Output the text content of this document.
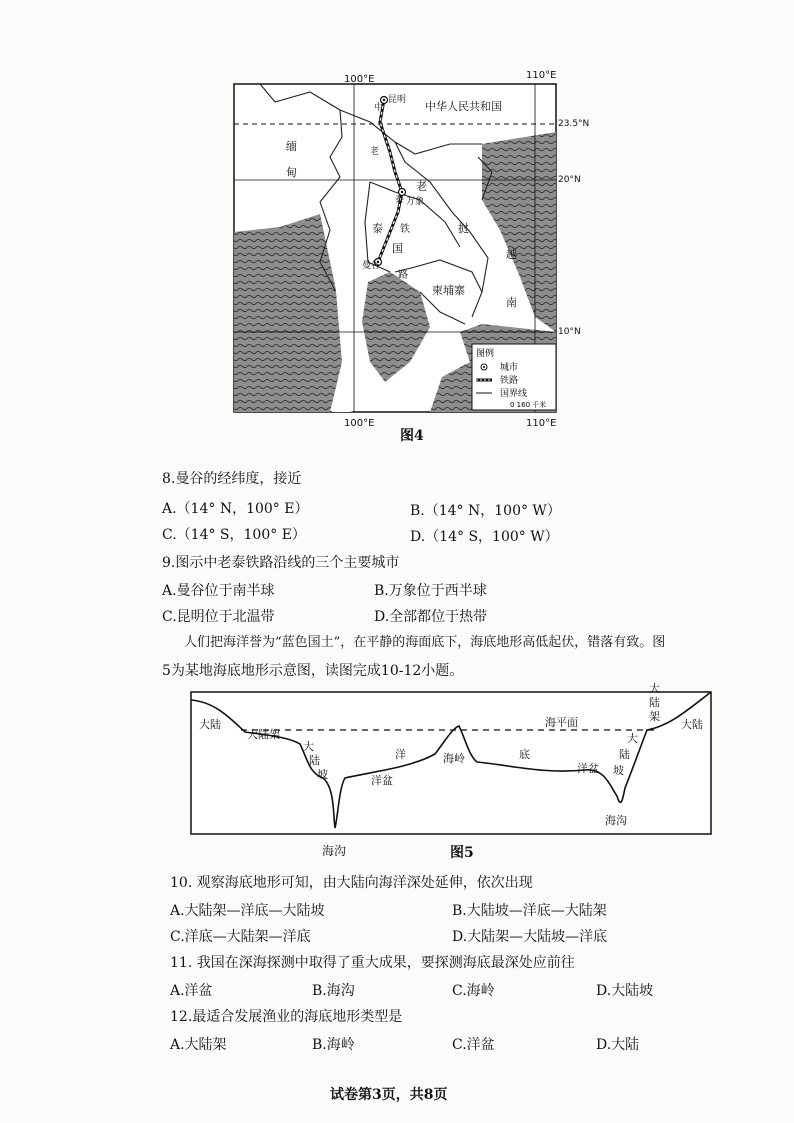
100°E	110°E
23.5°N
20°N
10°N
100°E	110°E
中华人民共和国
昆明
中
缅
甸
老
老
泰 万象
泰 铁
国
路
曼谷
挝
越
南
柬埔寨
图例
城市
铁路
国界线
0 160 千米
图4
8.曼谷的经纬度，接近
A.（14° N，100° E）	B.（14° N，100° W）
C.（14° S，100° E）	D.（14° S，100° W）
9.图示中老泰铁路沿线的三个主要城市
A.曼谷位于南半球	B.万象位于西半球
C.昆明位于北温带	D.全部都位于热带
人们把海洋誉为“蓝色国土”，在平静的海面底下，海底地形高低起伏，错落有致。图
5为某地海底地形示意图，读图完成10-12小题。
大陆
大陆架
大
陆
坡
洋
洋盆
海岭
海平面
底
洋盆
大
陆
坡
大
陆
架
大陆
海沟
海沟	图5
10. 观察海底地形可知，由大陆向海洋深处延伸，依次出现
A.大陆架—洋底—大陆坡	B.大陆坡—洋底—大陆架
C.洋底—大陆架—洋底	D.大陆架—大陆坡—洋底
11. 我国在深海探测中取得了重大成果，要探测海底最深处应前往
A.洋盆	B.海沟	C.海岭	D.大陆坡
12.最适合发展渔业的海底地形类型是
A.大陆架	B.海岭	C.洋盆	D.大陆
试卷第3页，共8页
